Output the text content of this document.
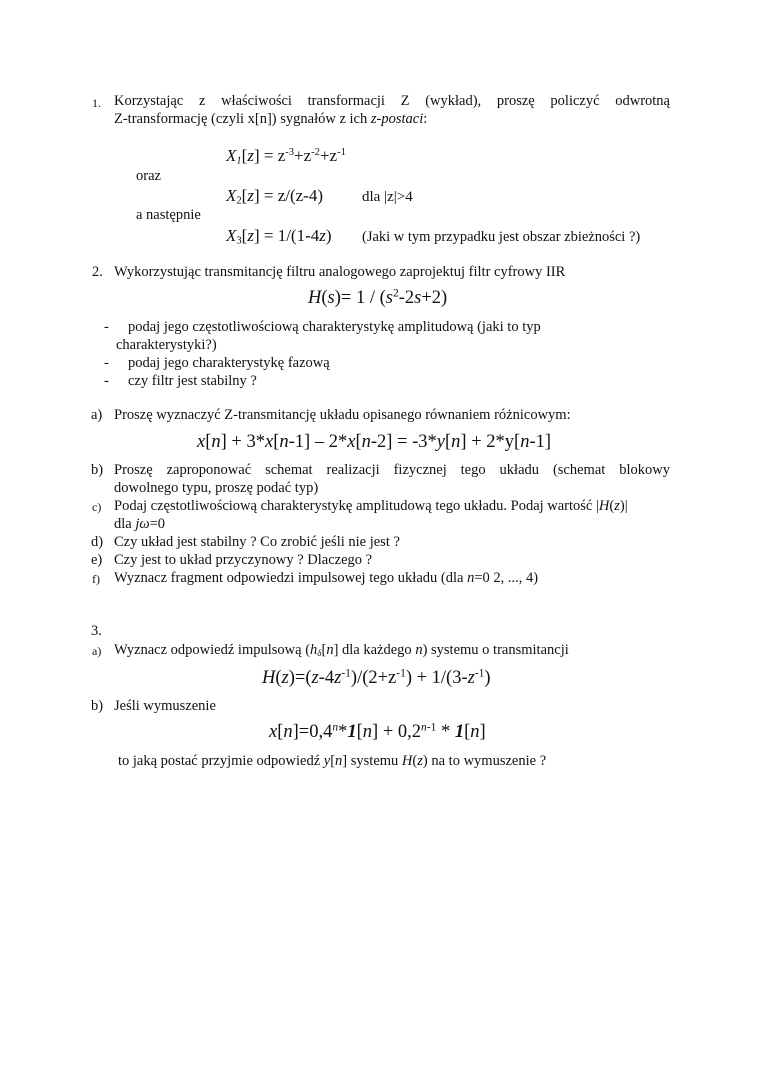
1. Korzystając z właściwości transformacji Z (wykład), proszę policzyć odwrotną
Z-transformację (czyli x[n]) sygnałów z ich z-postaci:
$X_1[z] = z^{-3}+z^{-2}+z^{-1}$
oraz
$X_2[z] = z/(z-4)$	dla |z|>4
a następnie
$X_3[z] = 1/(1-4z)$ (Jaki w tym przypadku jest obszar zbieżności ?)
2. Wykorzystując transmitancję filtru analogowego zaprojektuj filtr cyfrowy IIR
$H(s)= 1 / (s^2-2s+2)$
- podaj jego częstotliwościową charakterystykę amplitudową (jaki to typ
charakterystyki?)
- podaj jego charakterystykę fazową
- czy filtr jest stabilny ?
a) Proszę wyznaczyć Z-transmitancję układu opisanego równaniem różnicowym:
x[n] + 3*x[n-1] – 2*x[n-2] = -3*y[n] + 2*y[n-1]
b) Proszę zaproponować schemat realizacji fizycznej tego układu (schemat blokowy
dowolnego typu, proszę podać typ)
c) Podaj częstotliwościową charakterystykę amplitudową tego układu. Podaj wartość |H(z)|
dla jω=0
d) Czy układ jest stabilny ? Co zrobić jeśli nie jest ?
e) Czy jest to układ przyczynowy ? Dlaczego ?
f) Wyznacz fragment odpowiedzi impulsowej tego układu (dla n=0 2, ..., 4)
3.
a) Wyznacz odpowiedź impulsową ($h_\delta[n]$ dla każdego n) systemu o transmitancji
$H(z)=(z-4z^{-1})/(2+z^{-1}) + 1/(3-z^{-1})$
b) Jeśli wymuszenie
$x[n]=0,4^n*1[n] + 0,2^{n-1} * 1[n]$
to jaką postać przyjmie odpowiedź y[n] systemu H(z) na to wymuszenie ?
